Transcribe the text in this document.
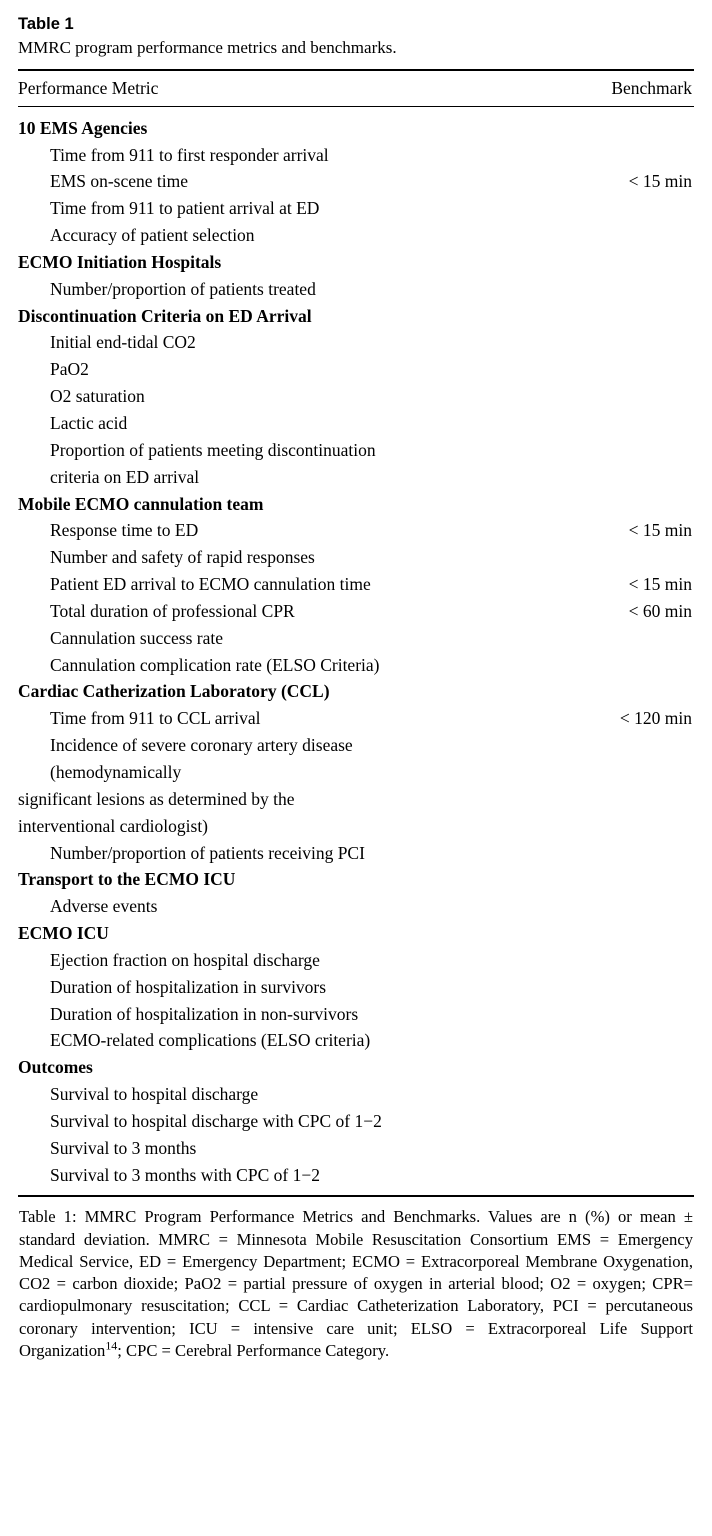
Table 1
MMRC program performance metrics and benchmarks.
Performance Metric	Benchmark
10 EMS Agencies	
Time from 911 to first responder arrival	
EMS on-scene time	< 15 min
Time from 911 to patient arrival at ED	
Accuracy of patient selection	
ECMO Initiation Hospitals	
Number/proportion of patients treated	
Discontinuation Criteria on ED Arrival	
Initial end-tidal CO2	
PaO2	
O2 saturation	
Lactic acid	
Proportion of patients meeting discontinuation	
criteria on ED arrival	
Mobile ECMO cannulation team	
Response time to ED	< 15 min
Number and safety of rapid responses	
Patient ED arrival to ECMO cannulation time	< 15 min
Total duration of professional CPR	< 60 min
Cannulation success rate	
Cannulation complication rate (ELSO Criteria)	
Cardiac Catherization Laboratory (CCL)	
Time from 911 to CCL arrival	< 120 min
Incidence of severe coronary artery disease	
(hemodynamically	
significant lesions as determined by the	
interventional cardiologist)	
Number/proportion of patients receiving PCI	
Transport to the ECMO ICU	
Adverse events	
ECMO ICU	
Ejection fraction on hospital discharge	
Duration of hospitalization in survivors	
Duration of hospitalization in non-survivors	
ECMO-related complications (ELSO criteria)	
Outcomes	
Survival to hospital discharge	
Survival to hospital discharge with CPC of 1−2	
Survival to 3 months	
Survival to 3 months with CPC of 1−2	

Table 1: MMRC Program Performance Metrics and Benchmarks. Values are n (%) or mean ± standard deviation. MMRC = Minnesota Mobile Resuscitation Consortium EMS = Emergency Medical Service, ED = Emergency Department; ECMO = Extracorporeal Membrane Oxygenation, CO2 = carbon dioxide; PaO2 = partial pressure of oxygen in arterial blood; O2 = oxygen; CPR= cardiopulmonary resuscitation; CCL = Cardiac Catheterization Laboratory, PCI = percutaneous coronary intervention; ICU = intensive care unit; ELSO = Extracorporeal Life Support Organization$^{14}$; CPC = Cerebral Performance Category.
